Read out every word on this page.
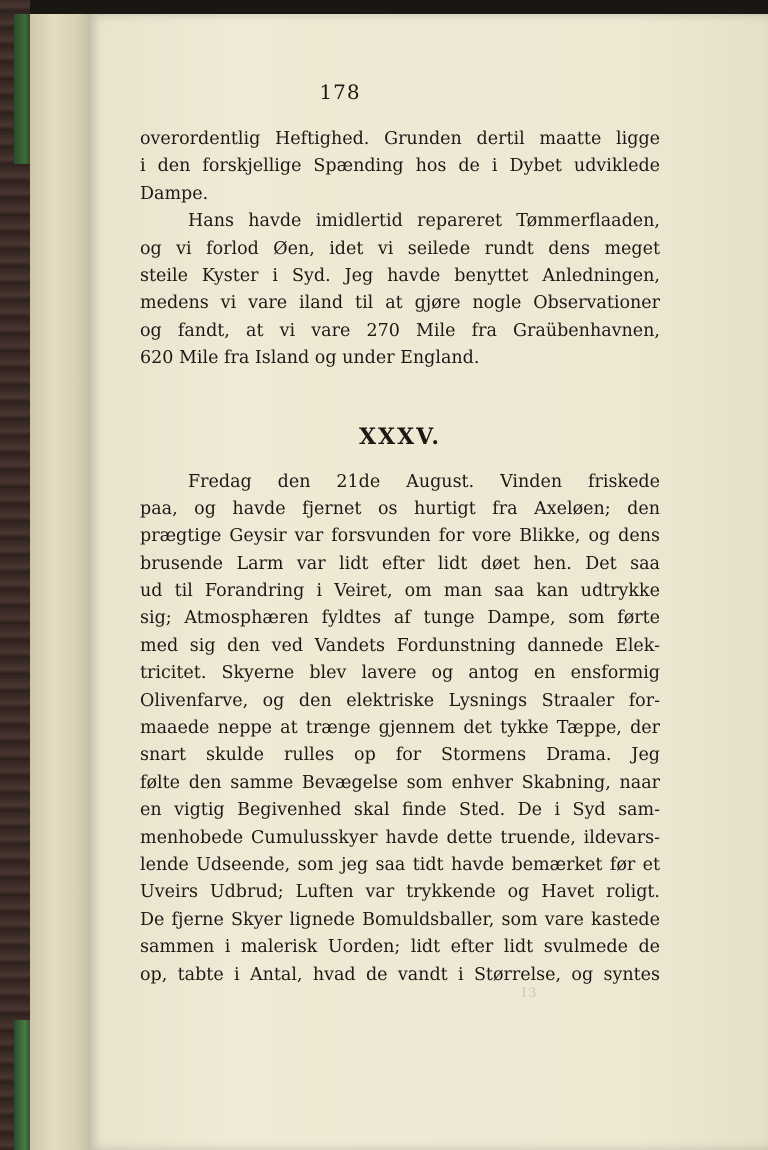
178
overordentlig Heftighed. Grunden dertil maatte ligge
i den forskjellige Spænding hos de i Dybet udviklede
Dampe.
Hans havde imidlertid repareret Tømmerflaaden,
og vi forlod Øen, idet vi seilede rundt dens meget
steile Kyster i Syd. Jeg havde benyttet Anledningen,
medens vi vare iland til at gjøre nogle Observationer
og fandt, at vi vare 270 Mile fra Graübenhavnen,
620 Mile fra Island og under England.
XXXV.
Fredag den 21de August. Vinden friskede
paa, og havde fjernet os hurtigt fra Axeløen; den
prægtige Geysir var forsvunden for vore Blikke, og dens
brusende Larm var lidt efter lidt døet hen. Det saa
ud til Forandring i Veiret, om man saa kan udtrykke
sig; Atmosphæren fyldtes af tunge Dampe, som førte
med sig den ved Vandets Fordunstning dannede Elek-
tricitet. Skyerne blev lavere og antog en ensformig
Olivenfarve, og den elektriske Lysnings Straaler for-
maaede neppe at trænge gjennem det tykke Tæppe, der
snart skulde rulles op for Stormens Drama. Jeg
følte den samme Bevægelse som enhver Skabning, naar
en vigtig Begivenhed skal finde Sted. De i Syd sam-
menhobede Cumulusskyer havde dette truende, ildevars-
lende Udseende, som jeg saa tidt havde bemærket før et
Uveirs Udbrud; Luften var trykkende og Havet roligt.
De fjerne Skyer lignede Bomuldsballer, som vare kastede
sammen i malerisk Uorden; lidt efter lidt svulmede de
op, tabte i Antal, hvad de vandt i Størrelse, og syntes
13
